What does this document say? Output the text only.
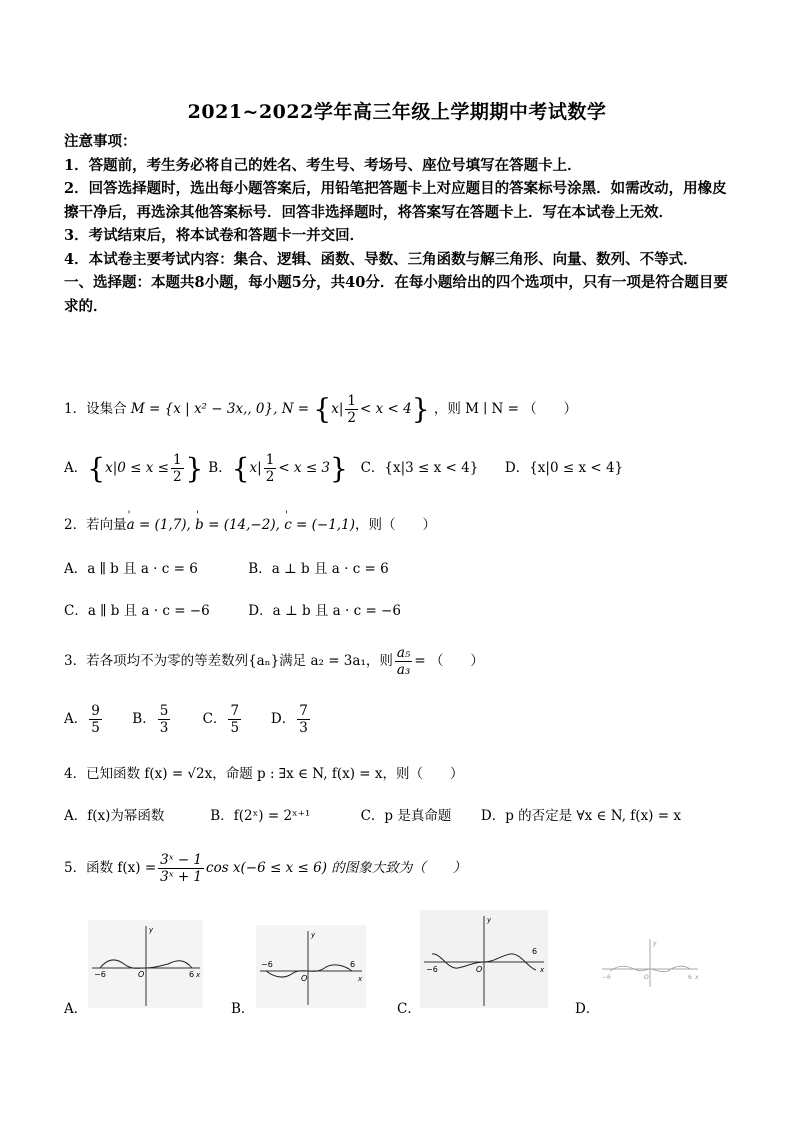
2021~2022学年高三年级上学期期中考试数学

注意事项：

1．答题前，考生务必将自己的姓名、考生号、考场号、座位号填写在答题卡上．

2．回答选择题时，选出每小题答案后，用铅笔把答题卡上对应题目的答案标号涂黑．如需改动，用橡皮擦干净后，再选涂其他答案标号．回答非选择题时，将答案写在答题卡上．写在本试卷上无效．

3．考试结束后，将本试卷和答题卡一并交回．

4．本试卷主要考试内容：集合、逻辑、函数、导数、三角函数与解三角形、向量、数列、不等式．

一、选择题：本题共8小题，每小题5分，共40分．在每小题给出的四个选项中，只有一项是符合题目要求的．

1．设集合 M = {x | x² − 3x,, 0}, $N = \{x| \frac{1}{2} < x < 4\}$ ，则 M ∣ N = （　　）
A．{$x|0 \le x \le \frac{1}{2}$ } B．$\{x| \frac{1}{2} < x \le 3\}$ C．{x|3 ≤ x < 4} D．{x|0 ≤ x < 4}
2．若向量' a = (1,7), ' b = (14,−2), ' c = (−1,1)，则（　　）
A．a ∥ b 且 a · c = 6	B．a ⊥ b 且 a · c = 6
C．a ∥ b 且 a · c = −6	D．a ⊥ b 且 a · c = −6
3．若各项均不为零的等差数列{aₙ}满足 a₂ = 3a₁，则 $\frac{\text{a₅}}{\text{a₃}}$ = （　　）
A． $\frac{9}{5}$ B． $\frac{5}{3}$ C． $\frac{7}{5}$ D． $\frac{7}{3}$
4．已知函数 f(x) = √2x，命题 p : ∃x ∈ N, f(x) = x，则（　　）
A．f(x)为幂函数	B．f(2ˣ) = 2ˣ⁺¹	C．p 是真命题 D．p 的否定是 ∀x ∈ N, f(x) = x
5．函数 $f(x) = \frac{\text{3ˣ − 1}}{\text{3ˣ + 1}}$ cos x(−6 ≤ x ≤ 6) 的图象大致为（　　）
−6	6
O	x
y
A．
−6	6
O	x
y
B．
−6
6
O	x
y
C．
−6	6
O	x
y
D．
